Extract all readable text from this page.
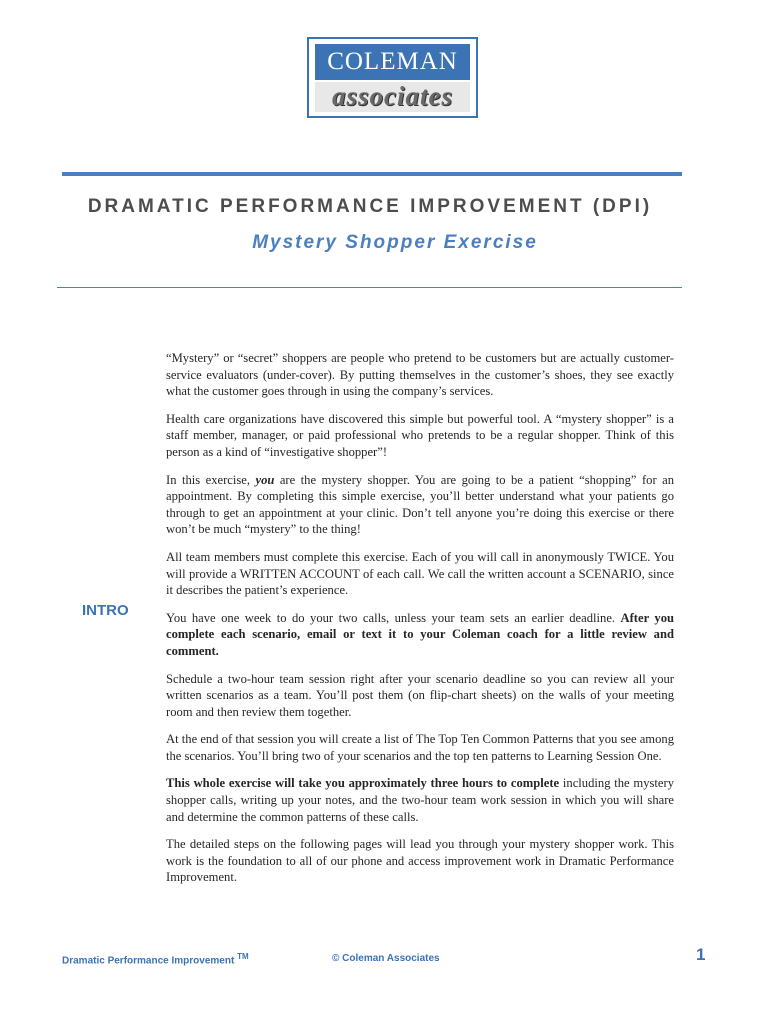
COLEMAN
associates
DRAMATIC PERFORMANCE IMPROVEMENT (DPI)
Mystery Shopper Exercise
INTRO

“Mystery” or “secret” shoppers are people who pretend to be customers but are actually customer-service evaluators (under-cover). By putting themselves in the customer’s shoes, they see exactly what the customer goes through in using the company’s services.

Health care organizations have discovered this simple but powerful tool. A “mystery shopper” is a staff member, manager, or paid professional who pretends to be a regular shopper. Think of this person as a kind of “investigative shopper”!

In this exercise, you are the mystery shopper. You are going to be a patient “shopping” for an appointment. By completing this simple exercise, you’ll better understand what your patients go through to get an appointment at your clinic. Don’t tell anyone you’re doing this exercise or there won’t be much “mystery” to the thing!

All team members must complete this exercise. Each of you will call in anonymously TWICE. You will provide a WRITTEN ACCOUNT of each call. We call the written account a SCENARIO, since it describes the patient’s experience.

You have one week to do your two calls, unless your team sets an earlier deadline. After you complete each scenario, email or text it to your Coleman coach for a little review and comment.

Schedule a two-hour team session right after your scenario deadline so you can review all your written scenarios as a team. You’ll post them (on flip-chart sheets) on the walls of your meeting room and then review them together.

At the end of that session you will create a list of The Top Ten Common Patterns that you see among the scenarios. You’ll bring two of your scenarios and the top ten patterns to Learning Session One.

This whole exercise will take you approximately three hours to complete including the mystery shopper calls, writing up your notes, and the two-hour team work session in which you will share and determine the common patterns of these calls.

The detailed steps on the following pages will lead you through your mystery shopper work. This work is the foundation to all of our phone and access improvement work in Dramatic Performance Improvement.

Dramatic Performance Improvement ™	© Coleman Associates	1
